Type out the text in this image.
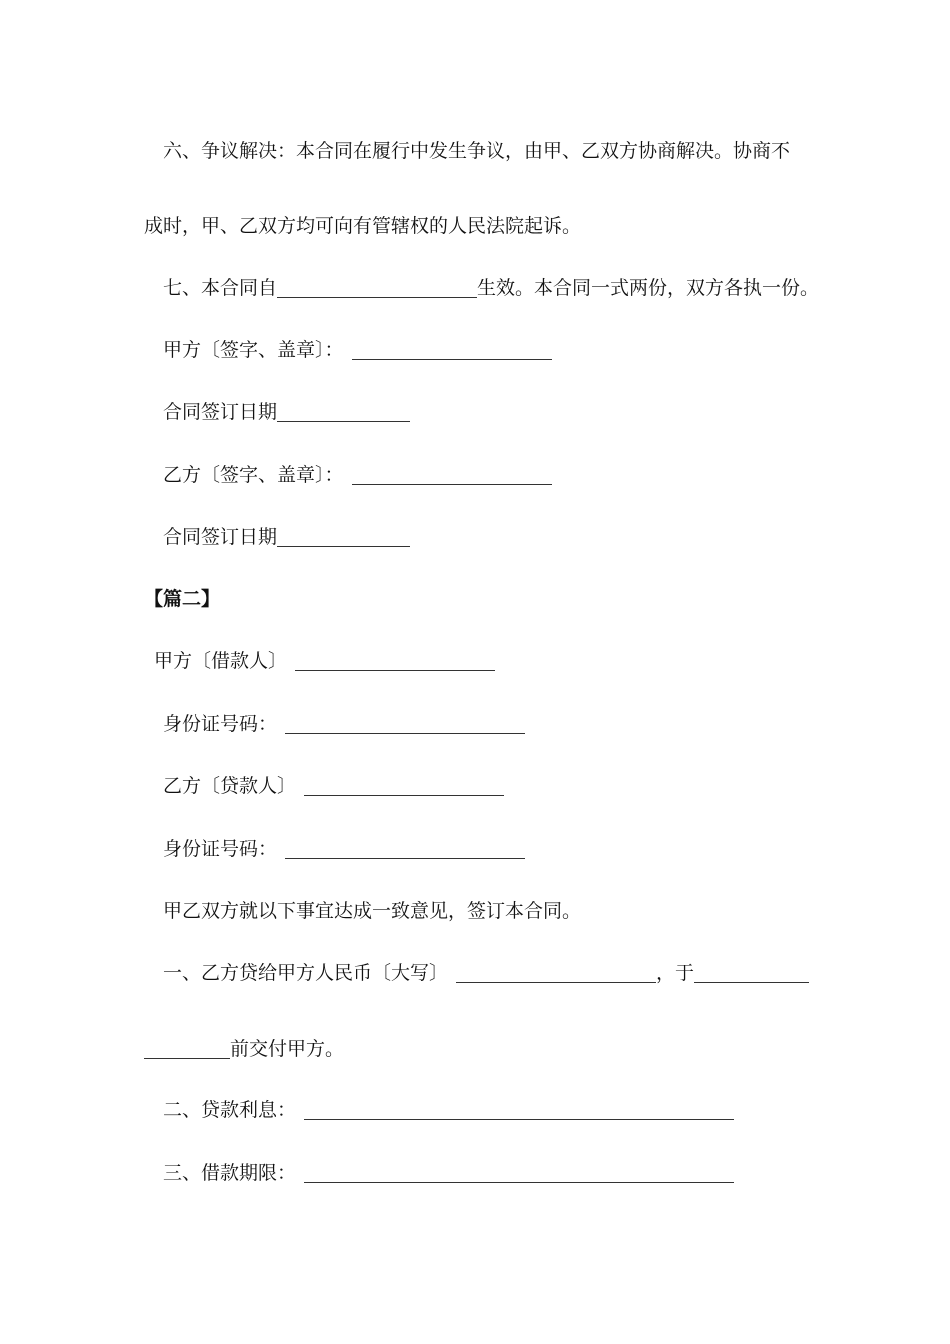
六、争议解决：本合同在履行中发生争议，由甲、乙双方协商解决。协商不
成时，甲、乙双方均可向有管辖权的人民法院起诉。
七、本合同自	生效。本合同一式两份，双方各执一份。
甲方〔签字、盖章〕：
合同签订日期
乙方〔签字、盖章〕：
合同签订日期
【篇二】
甲方〔借款人〕
身份证号码：
乙方〔贷款人〕
身份证号码：
甲乙双方就以下事宜达成一致意见，签订本合同。
一、乙方贷给甲方人民币〔大写〕	，于
前交付甲方。
二、贷款利息：
三、借款期限：
